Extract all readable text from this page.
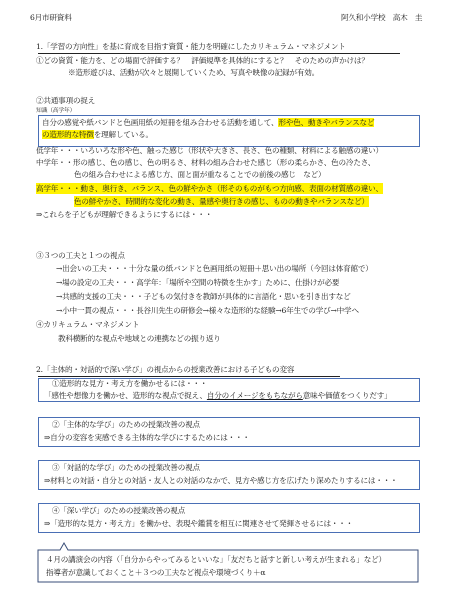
6月市研資料	阿久和小学校　高木　圭
1.「学習の方向性」を基に育成を目指す資質・能力を明確にしたカリキュラム・マネジメント
①どの資質・能力を、どの場面で評価する？　評価規準を具体的にすると？　そのための声かけは？
※造形遊びは、活動が次々と展開していくため、写真や映像の記録が有効。
②共通事項の捉え
知識（高学年）
自分の感覚や紙バンドと色画用紙の短冊を組み合わせる活動を通して、形や色、動きやバランスなど
の造形的な特徴を理解している。
低学年・・・いろいろな形や色、触った感じ（形状や大きさ、長さ、色の種類、材料による触感の違い）
中学年・・形の感じ、色の感じ、色の明るさ、材料の組み合わせた感じ（形の柔らかさ、色の冷たさ、
色の組み合わせによる感じ方、面と面が重なることでの前後の感じ　など）
高学年・・・動き、奥行き、バランス、色の鮮やかさ（形そのものがもつ方向感、表面の材質感の違い、
色の鮮やかさ、時間的な変化の動き、量感や奥行きの感じ、ものの動きやバランスなど）
⇒これらを子どもが理解できるようにするには・・・
③３つの工夫と１つの視点
→出会いの工夫・・・十分な量の紙バンドと色画用紙の短冊＋思い出の場所（今回は体育館で）
→場の設定の工夫・・・高学年：「場所や空間の特徴を生かす」ために、仕掛けが必要
→共感的支援の工夫・・・子どもの気付きを教師が具体的に言語化・思いを引き出すなど
→小中一貫の視点・・・長谷川先生の研修会→様々な造形的な経験→6年生での学び→中学へ
④カリキュラム・マネジメント
教科横断的な視点や地域との連携などの振り返り
2.「主体的・対話的で深い学び」の視点からの授業改善における子どもの変容
①造形的な見方・考え方を働かせるには・・・
「感性や想像力を働かせ、造形的な視点で捉え、自分のイメージをもちながら意味や価値をつくりだす」
②「主体的な学び」のための授業改善の視点
⇒自分の変容を実感できる主体的な学びにするためには・・・
③「対話的な学び」のための授業改善の視点
⇒材料との対話・自分との対話・友人との対話のなかで、見方や感じ方を広げたり深めたりするには・・・
④「深い学び」のための授業改善の視点
⇒「造形的な見方・考え方」を働かせ、表現や鑑賞を相互に関連させて発揮させるには・・・
４月の講演会の内容（「自分からやってみるといいな」「友だちと話すと新しい考えが生まれる」など）
指導者が意識しておくこと＋３つの工夫など視点や環境づくり＋α
